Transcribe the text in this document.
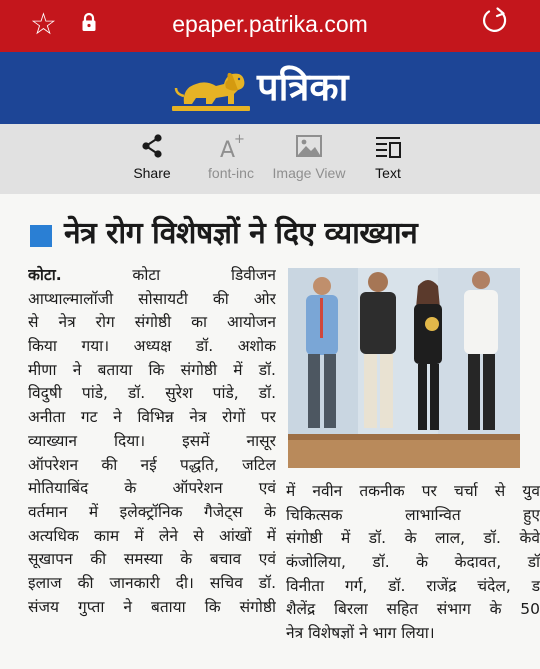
☆	epaper.patrika.com
पत्रिका
Share
A
+
font-inc	Image View	Text
नेत्र रोग विशेषज्ञों ने दिए व्याख्यान
कोटा.	कोटा डिवीजन
आप्थाल्मालॉजी सोसायटी की ओर
से नेत्र रोग संगोष्ठी का आयोजन
किया गया। अध्यक्ष डॉ. अशोक
मीणा ने बताया कि संगोष्ठी में डॉ.
विदुषी पांडे, डॉ. सुरेश पांडे, डॉ.
अनीता गट ने विभिन्न नेत्र रोगों पर
व्याख्यान दिया। इसमें नासूर
ऑपरेशन की नई पद्धति, जटिल
मोतियाबिंद के ऑपरेशन एवं
वर्तमान में इलेक्ट्रॉनिक गैजेट्स के
अत्यधिक काम में लेने से आंखों में
सूखापन की समस्या के बचाव एवं
इलाज की जानकारी दी। सचिव डॉ.
संजय गुप्ता ने बताया कि संगोष्ठी
में नवीन तकनीक पर चर्चा से युव
चिकित्सक लाभान्वित हुए
संगोष्ठी में डॉ. के लाल, डॉ. केवे
कंजोलिया, डॉ. के केदावत, डॉ
विनीता गर्ग, डॉ. राजेंद्र चंदेल, ड
शैलेंद्र बिरला सहित संभाग के 50
नेत्र विशेषज्ञों ने भाग लिया।
